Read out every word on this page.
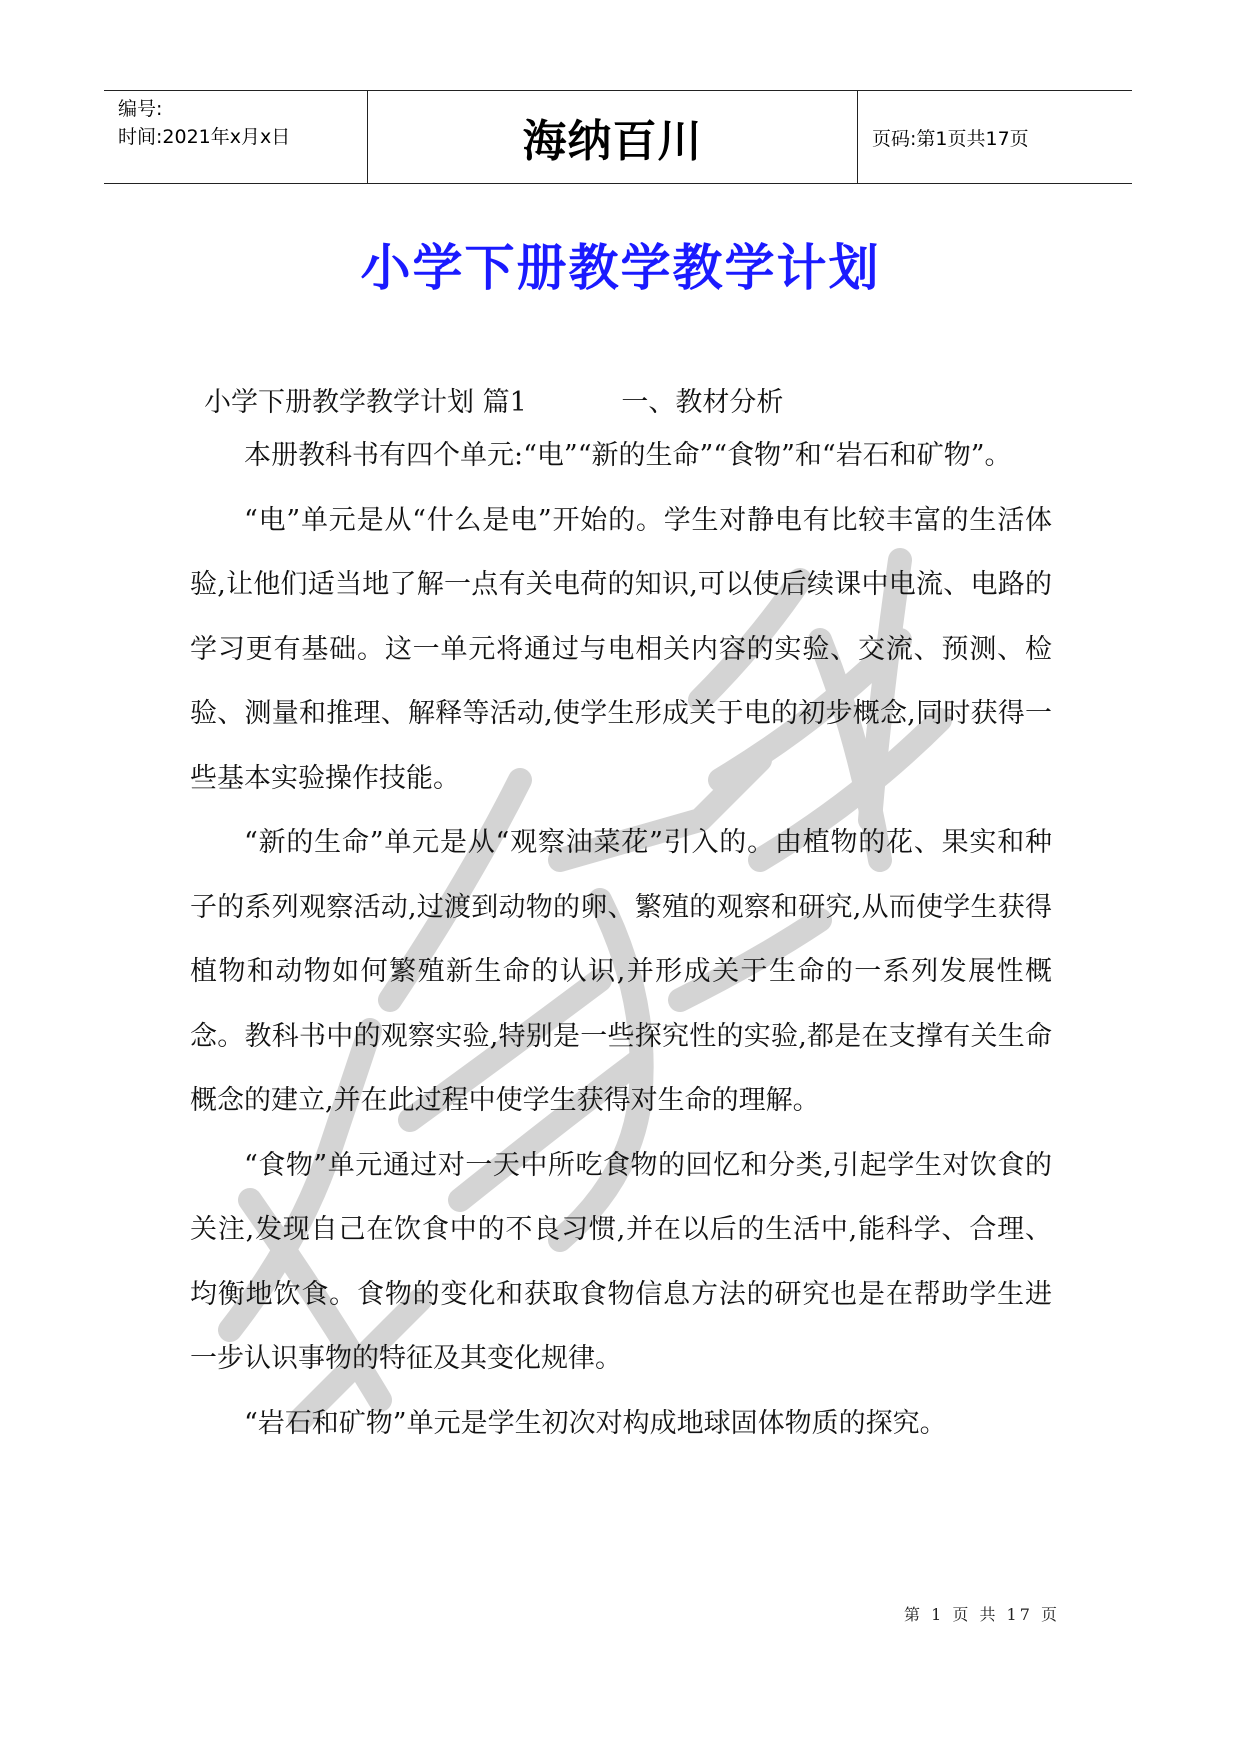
编号:
时间:2021年x月x日	海纳百川	页码:第1页共17页
小学下册教学教学计划
小学下册教学教学计划 篇1	一、教材分析

本册教科书有四个单元:“电”“新的生命”“食物”和“岩石和矿物”。

“电”单元是从“什么是电”开始的。学生对静电有比较丰富的生活体验,让他们适当地了解一点有关电荷的知识,可以使后续课中电流、电路的学习更有基础。这一单元将通过与电相关内容的实验、交流、预测、检验、测量和推理、解释等活动,使学生形成关于电的初步概念,同时获得一些基本实验操作技能。

“新的生命”单元是从“观察油菜花”引入的。由植物的花、果实和种子的系列观察活动,过渡到动物的卵、繁殖的观察和研究,从而使学生获得植物和动物如何繁殖新生命的认识,并形成关于生命的一系列发展性概念。教科书中的观察实验,特别是一些探究性的实验,都是在支撑有关生命概念的建立,并在此过程中使学生获得对生命的理解。

“食物”单元通过对一天中所吃食物的回忆和分类,引起学生对饮食的关注,发现自己在饮食中的不良习惯,并在以后的生活中,能科学、合理、均衡地饮食。食物的变化和获取食物信息方法的研究也是在帮助学生进一步认识事物的特征及其变化规律。

“岩石和矿物”单元是学生初次对构成地球固体物质的探究。

第 1 页 共 17 页
